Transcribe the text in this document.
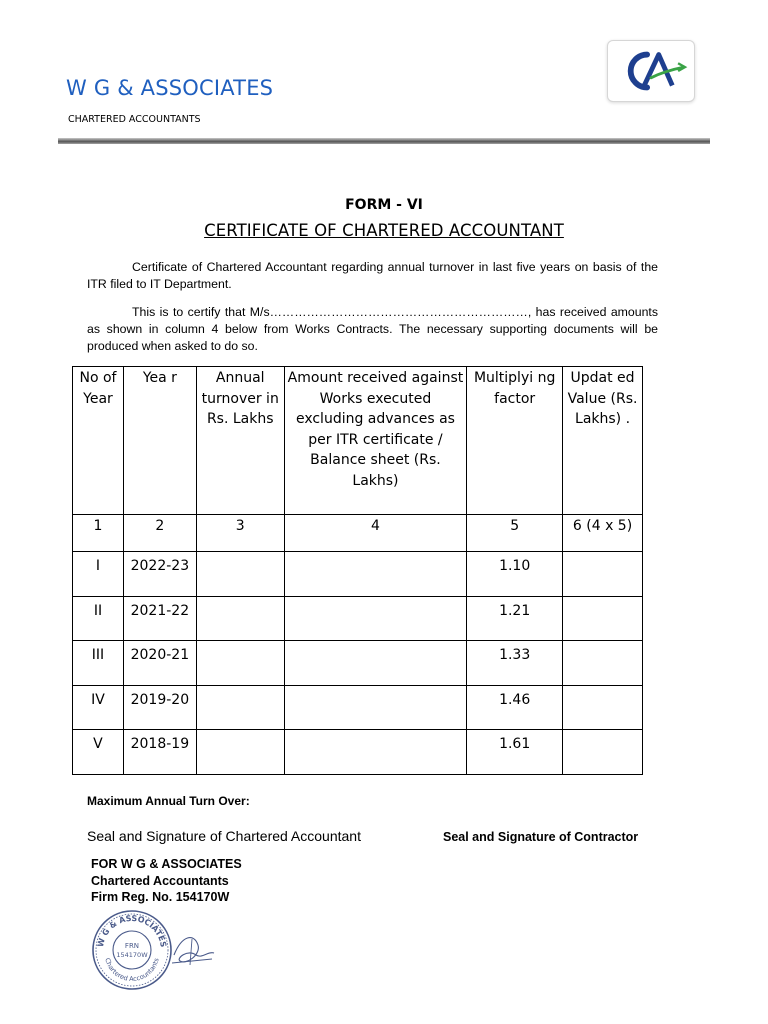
W G & ASSOCIATES
CHARTERED ACCOUNTANTS
FORM - VI
CERTIFICATE OF CHARTERED ACCOUNTANT

Certificate of Chartered Accountant regarding annual turnover in last five years on basis of the ITR filed to IT Department.

This is to certify that M/s………………………………………………………, has received amounts as shown in column 4 below from Works Contracts. The necessary supporting documents will be produced when asked to do so.

No of Year	Yea r	Annual turnover in Rs. Lakhs	Amount received against Works executed excluding advances as per ITR certificate / Balance sheet (Rs. Lakhs)	Multiplyi ng factor	Updat ed Value (Rs. Lakhs) .
1	2	3	4	5	6 (4 x 5)
I	2022-23			1.10	
II	2021-22			1.21	
III	2020-21			1.33	
IV	2019-20			1.46	
V	2018-19			1.61	
Maximum Annual Turn Over:
Seal and Signature of Chartered Accountant	Seal and Signature of Contractor
FOR W G & ASSOCIATES
Chartered Accountants
Firm Reg. No. 154170W
W G & ASSOCIATES
Chartered Accountants
FRN
154170W
